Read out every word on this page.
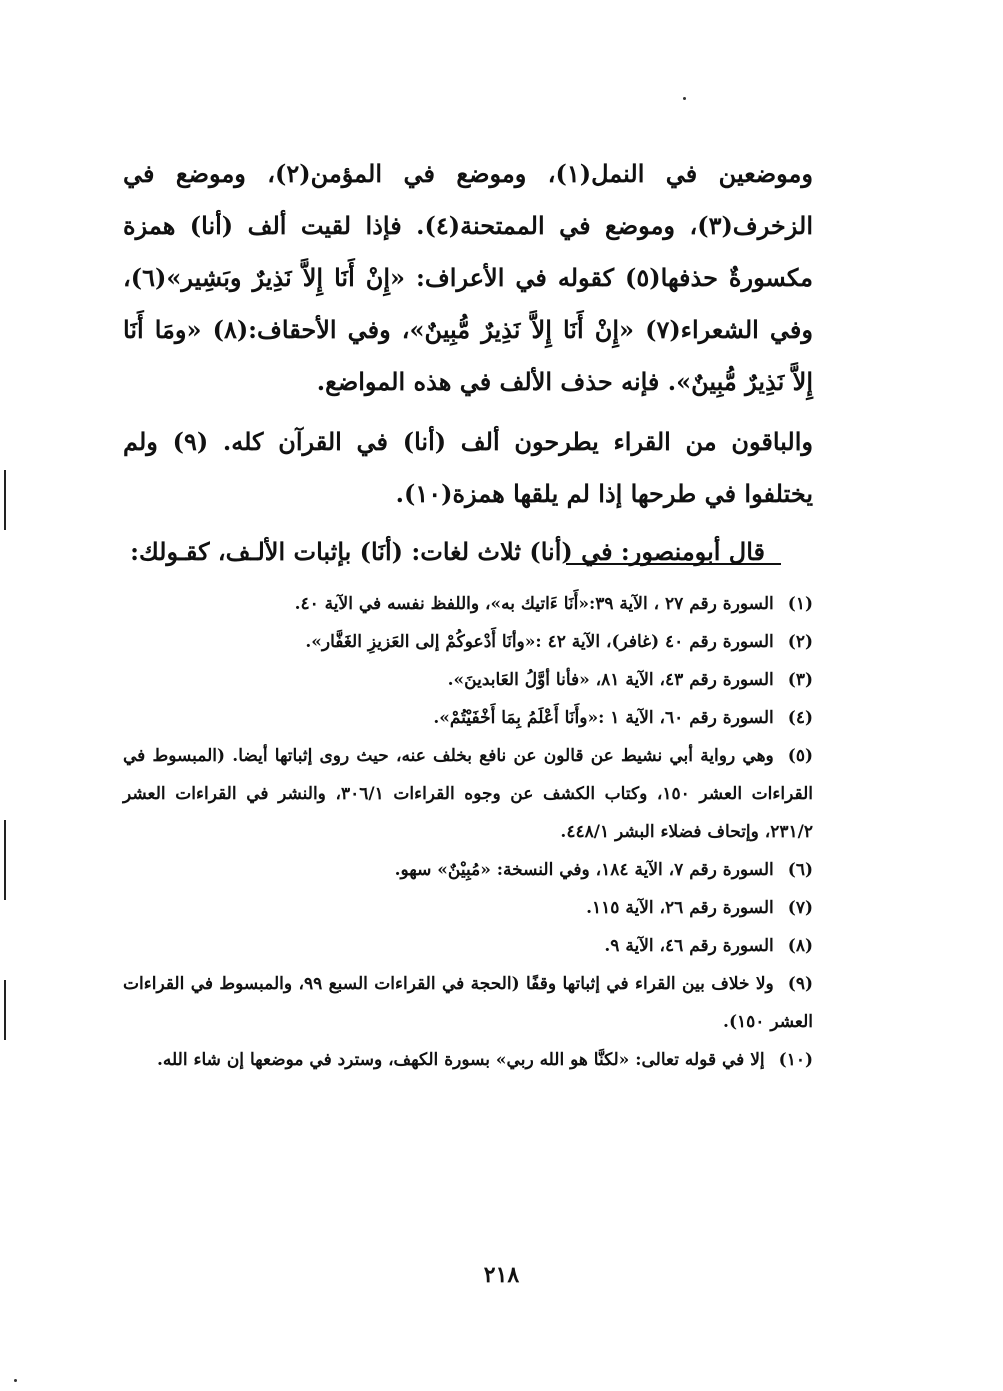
وموضعين في النمل(١)، وموضع في المؤمن(٢)، وموضع في الزخرف(٣)، وموضع في الممتحنة(٤). فإذا لقيت ألف (أنا) همزة مكسورةٌ حذفها(٥) كقوله في الأعراف: «إِنْ أَنَا إِلاَّ نَذِيرٌ وبَشِير»(٦)، وفي الشعراء(٧) «إِنْ أَنَا إِلاَّ نَذِيرٌ مُّبِينٌ»، وفي الأحقاف:(٨) «ومَا أَنَا إِلاَّ نَذِيرٌ مُّبِينٌ». فإنه حذف الألف في هذه المواضع.

والباقون من القراء يطرحون ألف (أنا) في القرآن كله. (٩) ولم يختلفوا في طرحها إذا لم يلقها همزة(١٠).

قال أبومنصور: في (أنا) ثلاث لغات: (أنَا) بإثبات الألـف، كقـولك:

(١)السورة رقم ٢٧ ، الآية ٣٩:«أَنَا ءَاتيك به»، واللفظ نفسه في الآية ٤٠.

(٢)السورة رقم ٤٠ (غافر)، الآية ٤٢ :«وأنَا أَدْعوكُمْ إلى العَزيزِ الغَفَّار».

(٣)السورة رقم ٤٣، الآية ٨١، «فأنا أوَّلُ العَابدينَ».

(٤)السورة رقم ٦٠، الآية ١ :«وأَنَا أَعْلَمُ بِمَا أَخْفَيْتُمْ».

(٥)وهي رواية أبي نشيط عن قالون عن نافع بخلف عنه، حيث روى إثباتها أيضا. (المبسوط في القراءات العشر ١٥٠، وكتاب الكشف عن وجوه القراءات ٣٠٦/١، والنشر في القراءات العشر ٢٣١/٢، وإتحاف فضلاء البشر ٤٤٨/١.

(٦)السورة رقم ٧، الآية ١٨٤، وفي النسخة: «مُبِيْنٌ» سهو.

(٧)السورة رقم ٢٦، الآية ١١٥.

(٨)السورة رقم ٤٦، الآية ٩.

(٩)ولا خلاف بين القراء في إثباتها وقفًا (الحجة في القراءات السبع ٩٩، والمبسوط في القراءات العشر ١٥٠).

(١٠)إلا في قوله تعالى: «لكنَّا هو الله ربي» بسورة الكهف، وسترد في موضعها إن شاء الله.

٢١٨
